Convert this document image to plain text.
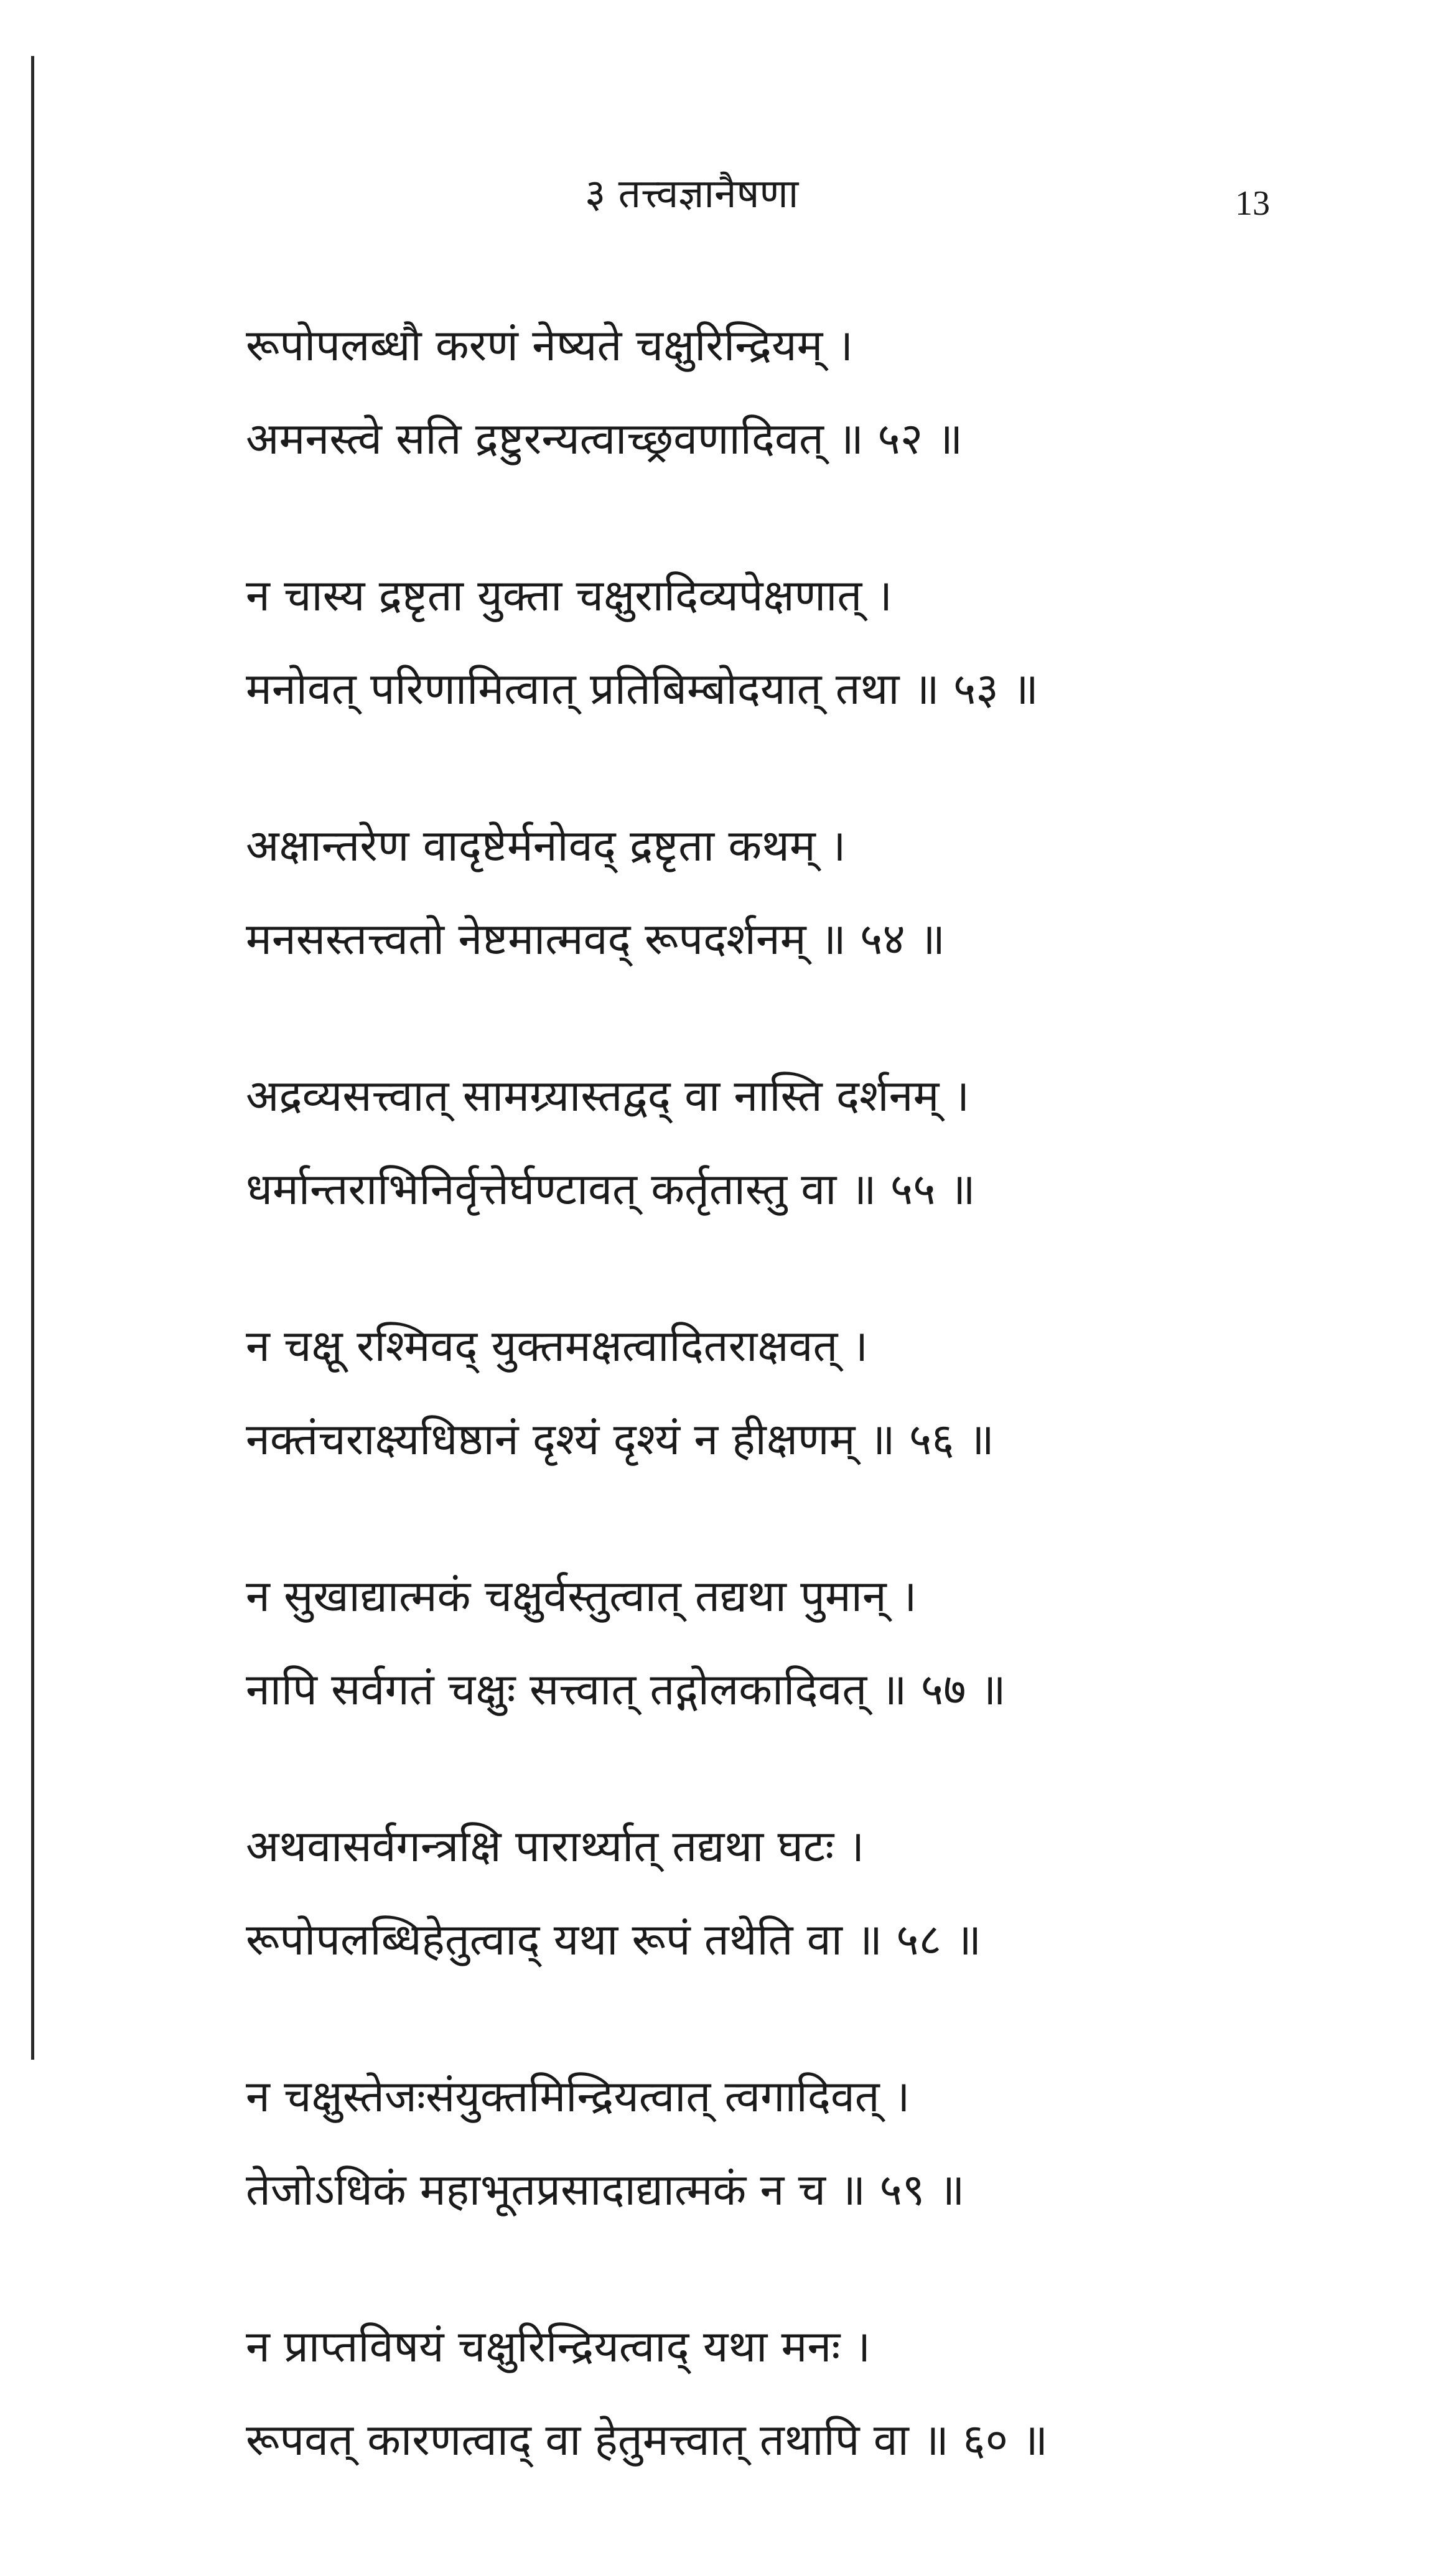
३ तत्त्वज्ञानैषणा	13
रूपोपलब्धौ करणं नेष्यते चक्षुरिन्द्रियम् ।
अमनस्त्वे सति द्रष्टुरन्यत्वाच्छ्रवणादिवत् ॥ ५२ ॥
न चास्य द्रष्टृता युक्ता चक्षुरादिव्यपेक्षणात् ।
मनोवत् परिणामित्वात् प्रतिबिम्बोदयात् तथा ॥ ५३ ॥
अक्षान्तरेण वादृष्टेर्मनोवद् द्रष्टृता कथम् ।
मनसस्तत्त्वतो नेष्टमात्मवद् रूपदर्शनम् ॥ ५४ ॥
अद्रव्यसत्त्वात् सामग्र्यास्तद्वद् वा नास्ति दर्शनम् ।
धर्मान्तराभिनिर्वृत्तेर्घण्टावत् कर्तृतास्तु वा ॥ ५५ ॥
न चक्षू रश्मिवद् युक्तमक्षत्वादितराक्षवत् ।
नक्तंचराक्ष्यधिष्ठानं दृश्यं दृश्यं न हीक्षणम् ॥ ५६ ॥
न सुखाद्यात्मकं चक्षुर्वस्तुत्वात् तद्यथा पुमान् ।
नापि सर्वगतं चक्षुः सत्त्वात् तद्गोलकादिवत् ॥ ५७ ॥
अथवासर्वगन्त्रक्षि पारार्थ्यात् तद्यथा घटः ।
रूपोपलब्धिहेतुत्वाद् यथा रूपं तथेति वा ॥ ५८ ॥
न चक्षुस्तेजःसंयुक्तमिन्द्रियत्वात् त्वगादिवत् ।
तेजोऽधिकं महाभूतप्रसादाद्यात्मकं न च ॥ ५९ ॥
न प्राप्तविषयं चक्षुरिन्द्रियत्वाद् यथा मनः ।
रूपवत् कारणत्वाद् वा हेतुमत्त्वात् तथापि वा ॥ ६० ॥
